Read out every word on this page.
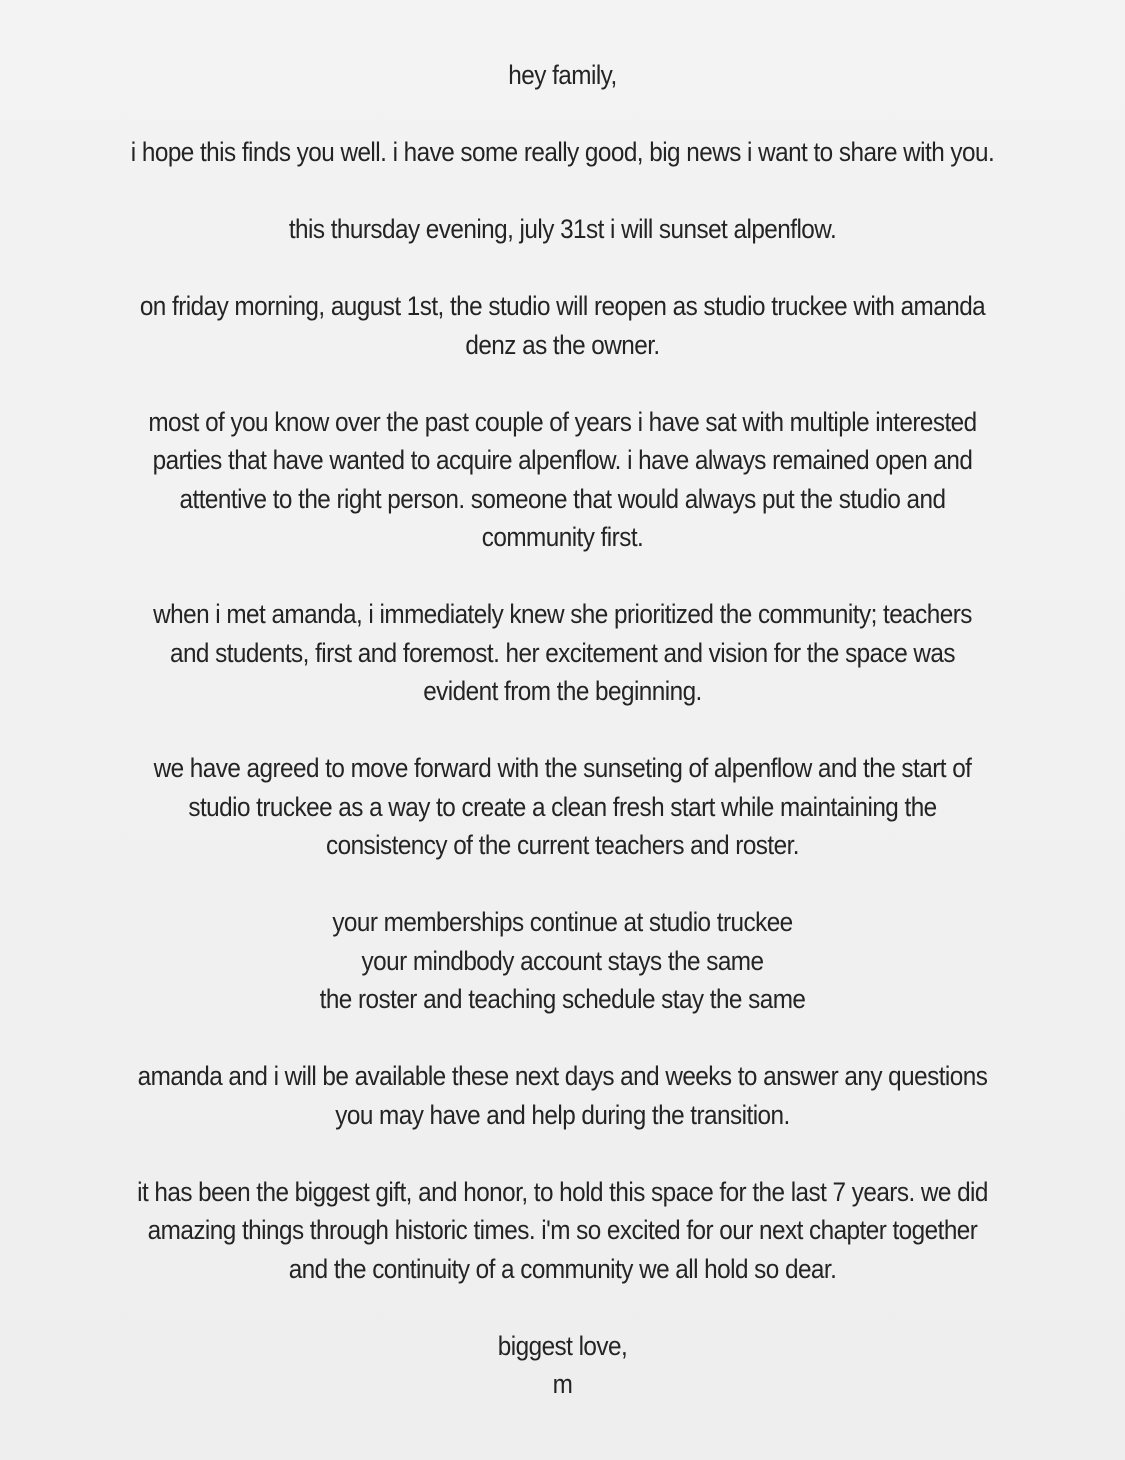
hey family,

i hope this finds you well. i have some really good, big news i want to share with you.

this thursday evening, july 31st i will sunset alpenflow.

on friday morning, august 1st, the studio will reopen as studio truckee with amanda
denz as the owner.

most of you know over the past couple of years i have sat with multiple interested
parties that have wanted to acquire alpenflow. i have always remained open and
attentive to the right person. someone that would always put the studio and
community first.

when i met amanda, i immediately knew she prioritized the community; teachers
and students, first and foremost. her excitement and vision for the space was
evident from the beginning.

we have agreed to move forward with the sunseting of alpenflow and the start of
studio truckee as a way to create a clean fresh start while maintaining the
consistency of the current teachers and roster.

your memberships continue at studio truckee
your mindbody account stays the same
the roster and teaching schedule stay the same

amanda and i will be available these next days and weeks to answer any questions
you may have and help during the transition.

it has been the biggest gift, and honor, to hold this space for the last 7 years. we did
amazing things through historic times. i'm so excited for our next chapter together
and the continuity of a community we all hold so dear.

biggest love,
m
